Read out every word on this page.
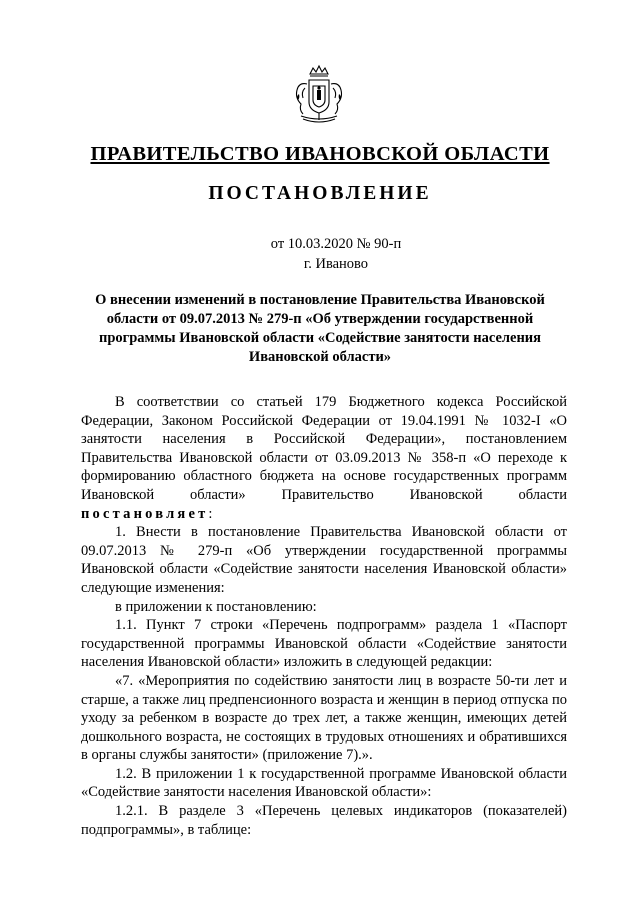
ПРАВИТЕЛЬСТВО ИВАНОВСКОЙ ОБЛАСТИ
ПОСТАНОВЛЕНИЕ
от 10.03.2020 № 90-п
г. Иваново
О внесении изменений в постановление Правительства Ивановской области от 09.07.2013 № 279-п «Об утверждении государственной программы Ивановской области «Содействие занятости населения Ивановской области»

В соответствии со статьей 179 Бюджетного кодекса Российской Федерации, Законом Российской Федерации от 19.04.1991 № 1032-I «О занятости населения в Российской Федерации», постановлением Правительства Ивановской области от 03.09.2013 № 358-п «О переходе к формированию областного бюджета на основе государственных программ Ивановской области» Правительство Ивановской области

постановляет:

1. Внести в постановление Правительства Ивановской области от 09.07.2013 № 279-п «Об утверждении государственной программы Ивановской области «Содействие занятости населения Ивановской области» следующие изменения:

в приложении к постановлению:

1.1. Пункт 7 строки «Перечень подпрограмм» раздела 1 «Паспорт государственной программы Ивановской области «Содействие занятости населения Ивановской области» изложить в следующей редакции:

«7. «Мероприятия по содействию занятости лиц в возрасте 50-ти лет и старше, а также лиц предпенсионного возраста и женщин в период отпуска по уходу за ребенком в возрасте до трех лет, а также женщин, имеющих детей дошкольного возраста, не состоящих в трудовых отношениях и обратившихся в органы службы занятости» (приложение 7).».

1.2. В приложении 1 к государственной программе Ивановской области «Содействие занятости населения Ивановской области»:

1.2.1. В разделе 3 «Перечень целевых индикаторов (показателей) подпрограммы», в таблице:
